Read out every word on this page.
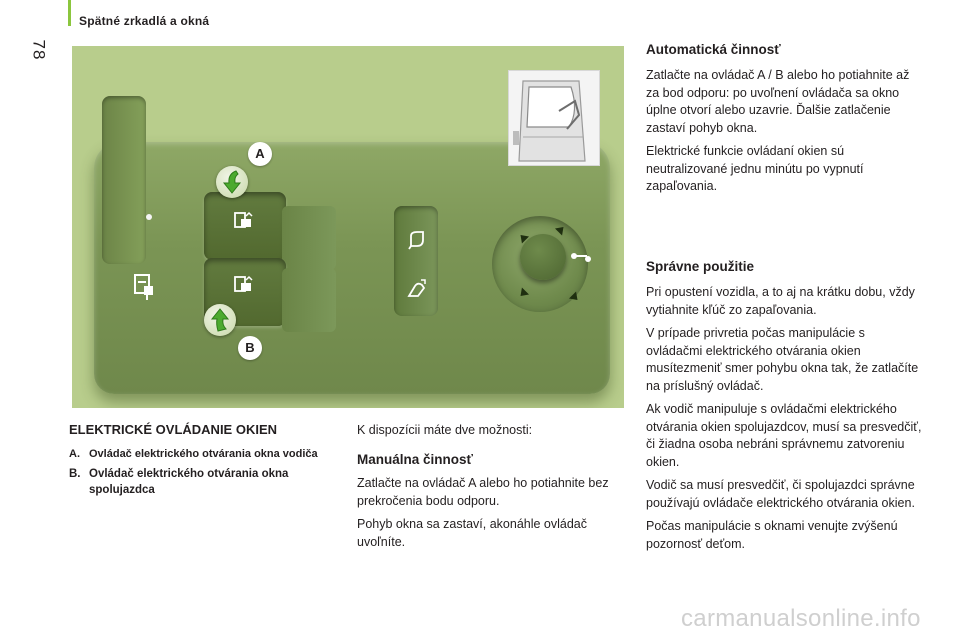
Spätné zrkadlá a okná
78
A
B
ELEKTRICKÉ OVLÁDANIE OKIEN
A. Ovládač elektrického otvárania okna vodiča
B. Ovládač elektrického otvárania okna spolujazdca
K dispozícii máte dve možnosti:
Manuálna činnosť

Zatlačte na ovládač A alebo ho potiahnite bez prekročenia bodu odporu.

Pohyb okna sa zastaví, akonáhle ovládač uvoľníte.

Automatická činnosť

Zatlačte na ovládač A / B alebo ho potiahnite až za bod odporu: po uvoľnení ovládača sa okno úplne otvorí alebo uzavrie. Ďalšie zatlačenie zastaví pohyb okna.

Elektrické funkcie ovládaní okien sú neutralizované jednu minútu po vypnutí zapaľovania.

Správne použitie

Pri opustení vozidla, a to aj na krátku dobu, vždy vytiahnite kľúč zo zapaľovania.

V prípade privretia počas manipulácie s ovládačmi elektrického otvárania okien musítezmeniť smer pohybu okna tak, že zatlačíte na príslušný ovládač.

Ak vodič manipuluje s ovládačmi elektrického otvárania okien spolujazdcov, musí sa presvedčiť, či žiadna osoba nebráni správnemu zatvoreniu okien.

Vodič sa musí presvedčiť, či spolujazdci správne používajú ovládače elektrického otvárania okien.

Počas manipulácie s oknami venujte zvýšenú pozornosť deťom.

carmanualsonline.info
